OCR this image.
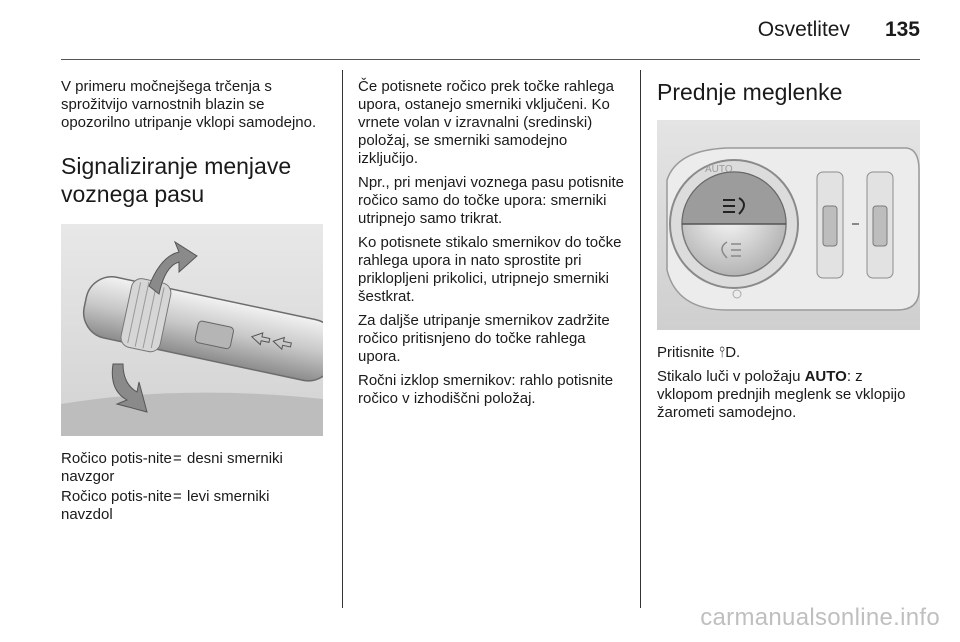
Osvetlitev	135

V primeru močnejšega trčenja s sprožitvijo varnostnih blazin se opozorilno utripanje vklopi samodejno.

Signaliziranje menjave voznega pasu
Ročico potis-nite navzgor
= desni smerniki
Ročico potis-nite navzdol
= levi smerniki

Če potisnete ročico prek točke rahlega upora, ostanejo smerniki vključeni. Ko vrnete volan v izravnalni (sredinski) položaj, se smerniki samodejno izključijo.

Npr., pri menjavi voznega pasu potisnite ročico samo do točke upora: smerniki utripnejo samo trikrat.

Ko potisnete stikalo smernikov do točke rahlega upora in nato sprostite pri priklopljeni prikolici, utripnejo smerniki šestkrat.

Za daljše utripanje smernikov zadržite ročico pritisnjeno do točke rahlega upora.

Ročni izklop smernikov: rahlo potisnite ročico v izhodiščni položaj.

Prednje meglenke
AUTO

Pritisnite ⫯D.

Stikalo luči v položaju AUTO: z vklopom prednjih meglenk se vklopijo žarometi samodejno.

carmanualsonline.info
